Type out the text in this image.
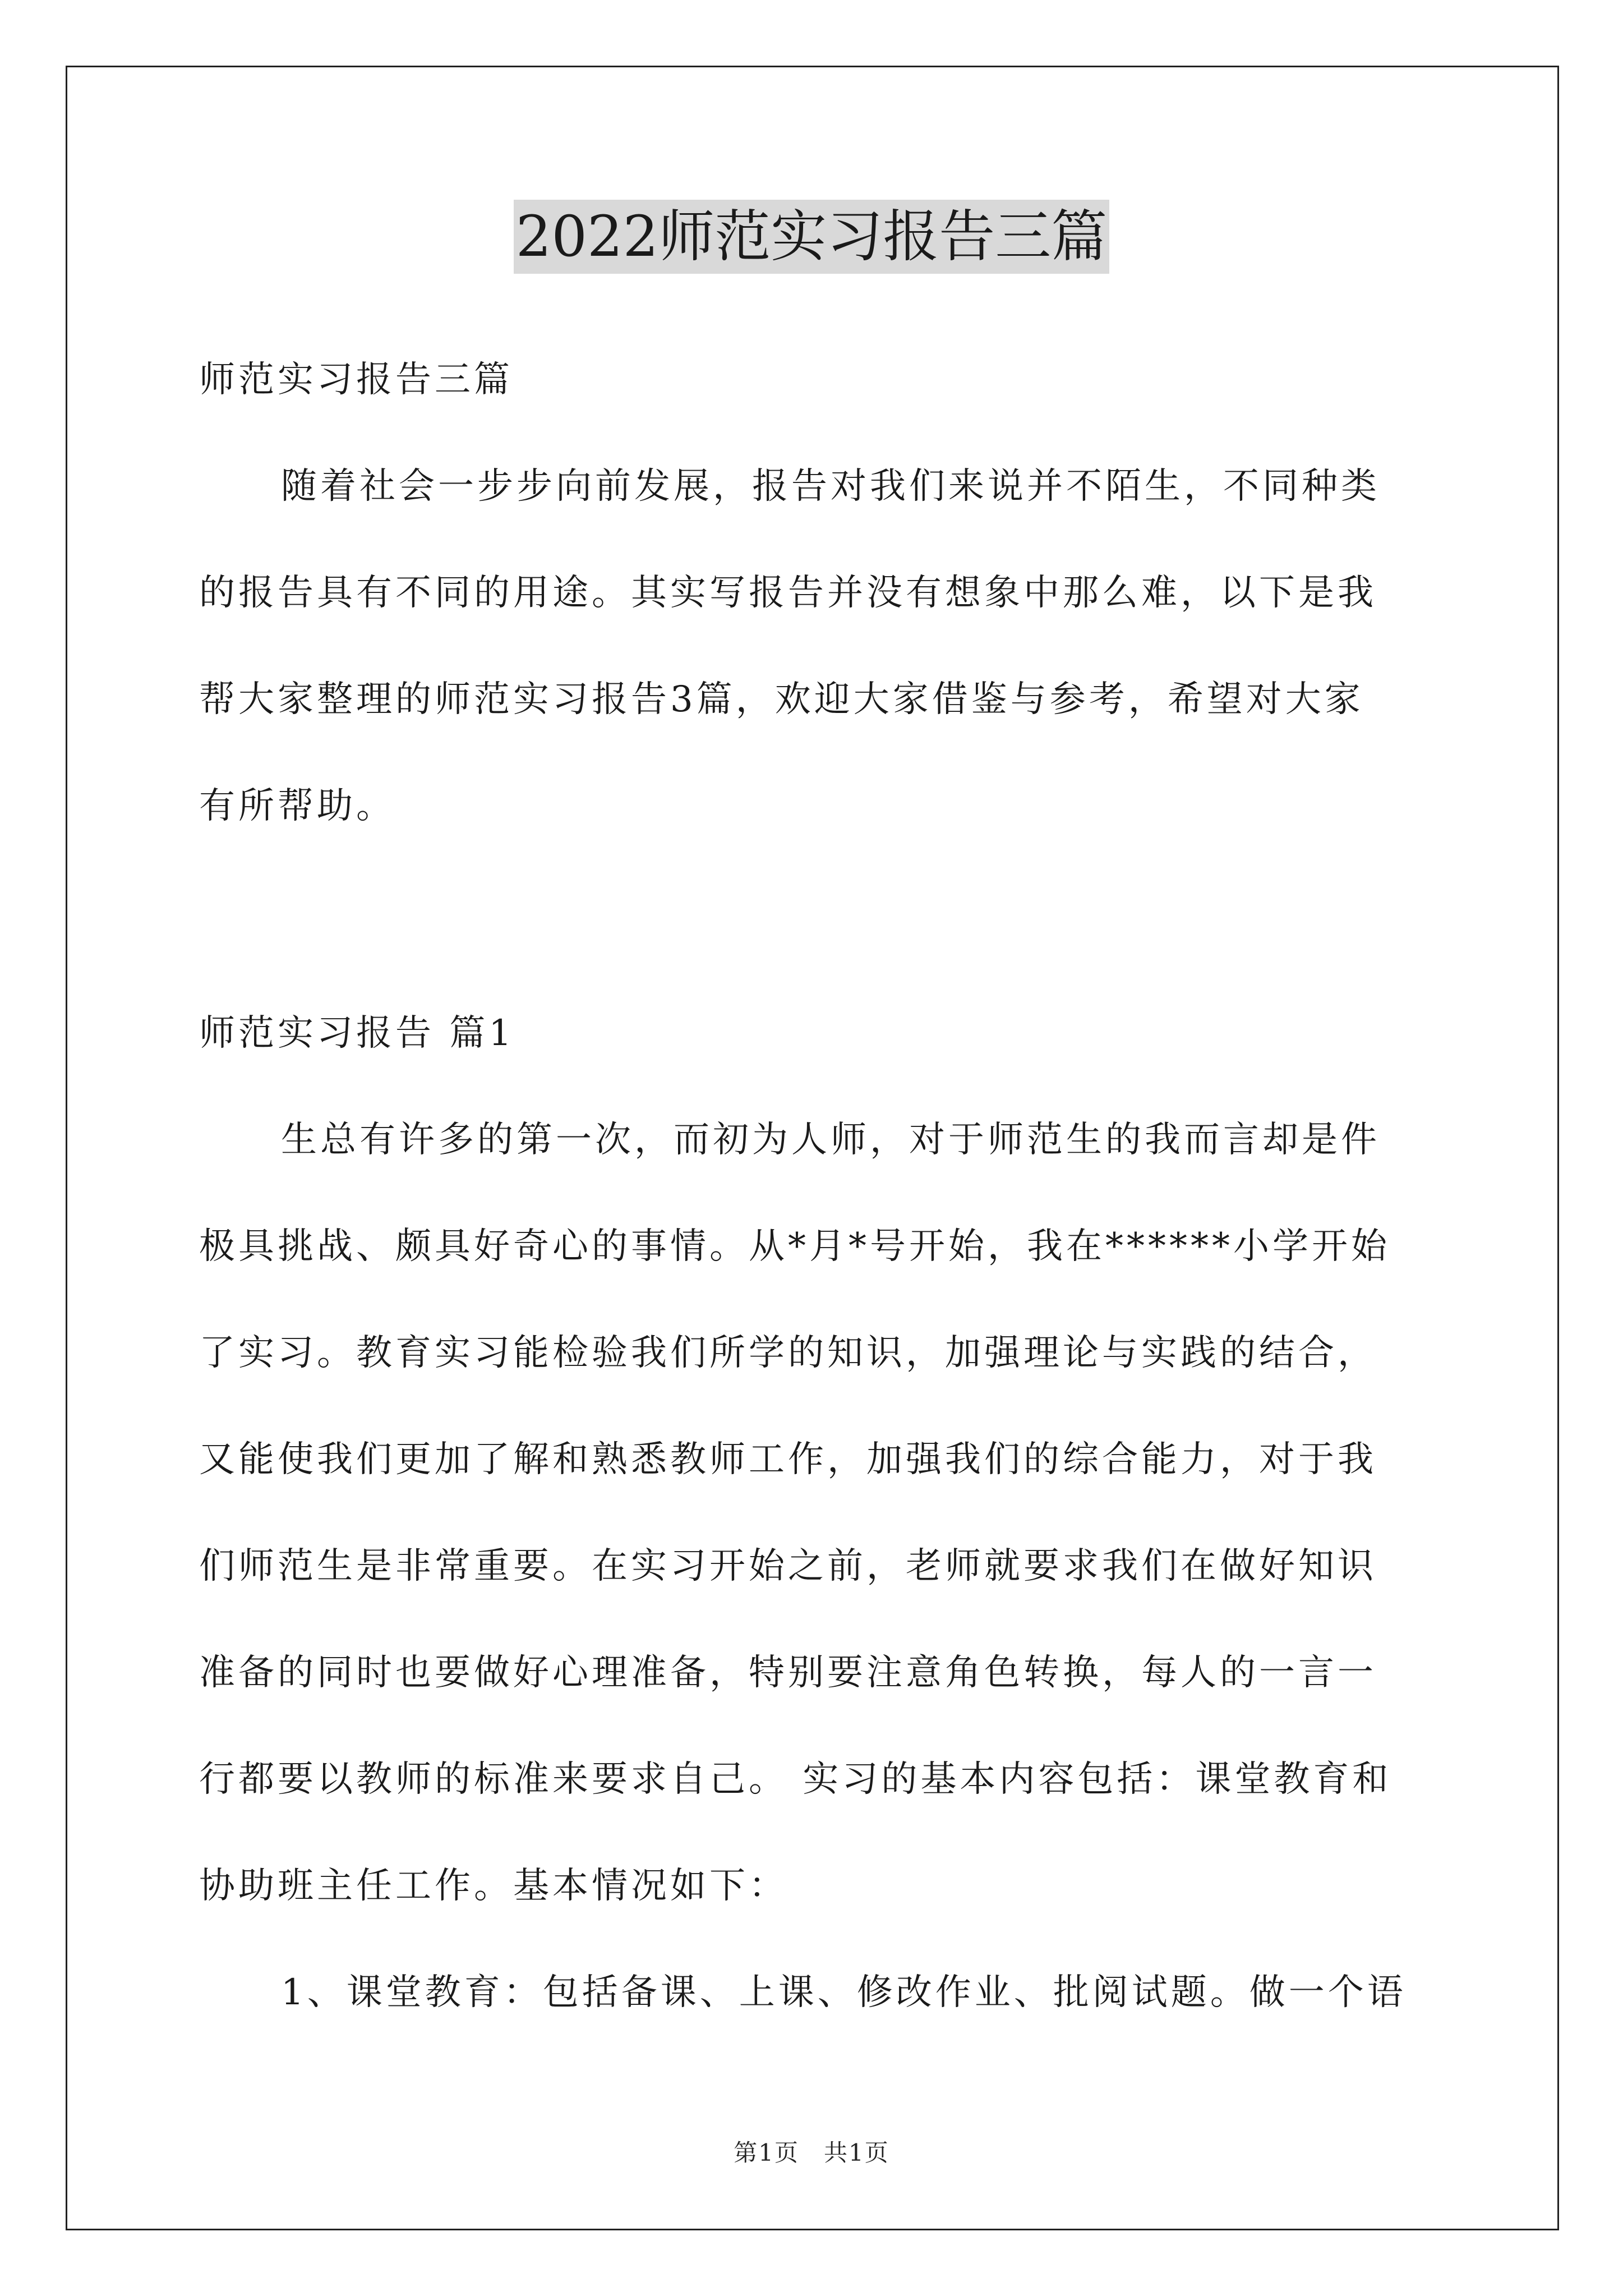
2022师范实习报告三篇
师范实习报告三篇
随着社会一步步向前发展，报告对我们来说并不陌生，不同种类
的报告具有不同的用途。其实写报告并没有想象中那么难，以下是我
帮大家整理的师范实习报告3篇，欢迎大家借鉴与参考，希望对大家
有所帮助。
师范实习报告 篇1
生总有许多的第一次，而初为人师，对于师范生的我而言却是件
极具挑战、颇具好奇心的事情。从*月*号开始，我在******小学开始
了实习。教育实习能检验我们所学的知识，加强理论与实践的结合，
又能使我们更加了解和熟悉教师工作，加强我们的综合能力，对于我
们师范生是非常重要。在实习开始之前，老师就要求我们在做好知识
准备的同时也要做好心理准备，特别要注意角色转换，每人的一言一
行都要以教师的标准来要求自己。 实习的基本内容包括：课堂教育和
协助班主任工作。基本情况如下：
1、课堂教育：包括备课、上课、修改作业、批阅试题。做一个语
第1页　共1页
